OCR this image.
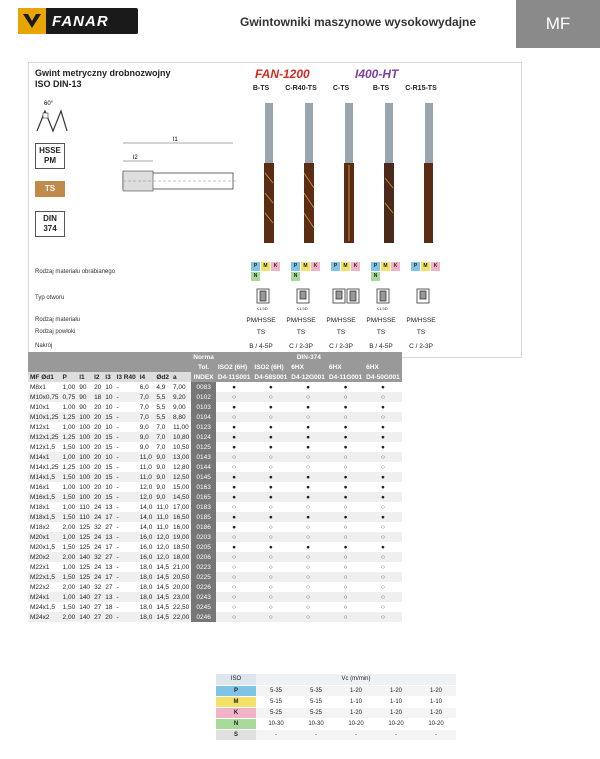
FANAR	Gwintowniki maszynowe wysokowydajne	MF
Gwint metryczny drobnozwojny
ISO DIN-13
FAN-1200	I400-HT
B-TS	C-R40-TS	C-TS	B-TS	C-R15-TS
60°
HSSE PM
TS
DIN 374
l1
l2
Rodzaj materiału obrabianego
Typ otworu
Rodzaj materiału
Rodzaj powłoki
Nakrój
P	M	K
N
P	M	K
N
P	M	K	P	M	K
N
P	M	K
≤1,5D	≤1,5D	≤1,5D
PM/HSSE	PM/HSSE	PM/HSSE	PM/HSSE	PM/HSSE
TS	TS	TS	TS	TS
B / 4-5P	C / 2-3P	C / 2-3P	B / 4-5P	C / 2-3P
									Norma	DIN-374				
									Tol.	ISO2 (6H)	ISO2 (6H)	6HX	6HX	6HX
MF Ød1	P	l1	l2	l3	l3 R40	l4	Ød2	a	INDEX	D4-11S001	D4-58S001	D4-12G001	D4-11G001	D4-50G001
M8x1	1,00	90	20	10	-	6,0	4,9	7,00	0083	●	●	●	●	●
M10x0,75	0,75	90	18	10	-	7,0	5,5	9,20	0102	○	○	○	○	○
M10x1	1,00	90	20	10	-	7,0	5,5	9,00	0103	●	●	●	●	●
M10x1,25	1,25	100	20	15	-	7,0	5,5	8,80	0104	○	○	○	○	○
M12x1	1,00	100	20	10	-	9,0	7,0	11,00	0123	●	●	●	●	●
M12x1,25	1,25	100	20	15	-	9,0	7,0	10,80	0124	●	●	●	●	●
M12x1,5	1,50	100	20	15	-	9,0	7,0	10,50	0125	●	●	●	●	●
M14x1	1,00	100	20	10	-	11,0	9,0	13,00	0143	○	○	○	○	○
M14x1,25	1,25	100	20	15	-	11,0	9,0	12,80	0144	○	○	○	○	○
M14x1,5	1,50	100	20	15	-	11,0	9,0	12,50	0145	●	●	●	●	●
M16x1	1,00	100	20	10	-	12,0	9,0	15,00	0163	●	●	●	●	●
M16x1,5	1,50	100	20	15	-	12,0	9,0	14,50	0165	●	●	●	●	●
M18x1	1,00	110	24	13	-	14,0	11,0	17,00	0183	○	○	○	○	○
M18x1,5	1,50	110	24	17	-	14,0	11,0	16,50	0185	●	●	●	●	●
M18x2	2,00	125	32	27	-	14,0	11,0	16,00	0186	●	○	○	○	○
M20x1	1,00	125	24	13	-	16,0	12,0	19,00	0203	○	○	○	○	○
M20x1,5	1,50	125	24	17	-	16,0	12,0	18,50	0205	●	●	●	●	●
M20x2	2,00	140	32	27	-	16,0	12,0	18,00	0206	○	○	○	○	○
M22x1	1,00	125	24	13	-	18,0	14,5	21,00	0223	○	○	○	○	○
M22x1,5	1,50	125	24	17	-	18,0	14,5	20,50	0225	○	○	○	○	○
M22x2	2,00	140	32	27	-	18,0	14,5	20,00	0226	○	○	○	○	○
M24x1	1,00	140	27	13	-	18,0	14,5	23,00	0243	○	○	○	○	○
M24x1,5	1,50	140	27	18	-	18,0	14,5	22,50	0245	○	○	○	○	○
M24x2	2,00	140	27	20	-	18,0	14,5	22,00	0246	○	○	○	○	○
ISO	Vc (m/min)				
P	5-35	5-35	1-20	1-20	1-20
M	5-15	5-15	1-10	1-10	1-10
K	5-25	5-25	1-20	1-20	1-20
N	10-30	10-30	10-20	10-20	10-20
S	-	-	-	-	-
